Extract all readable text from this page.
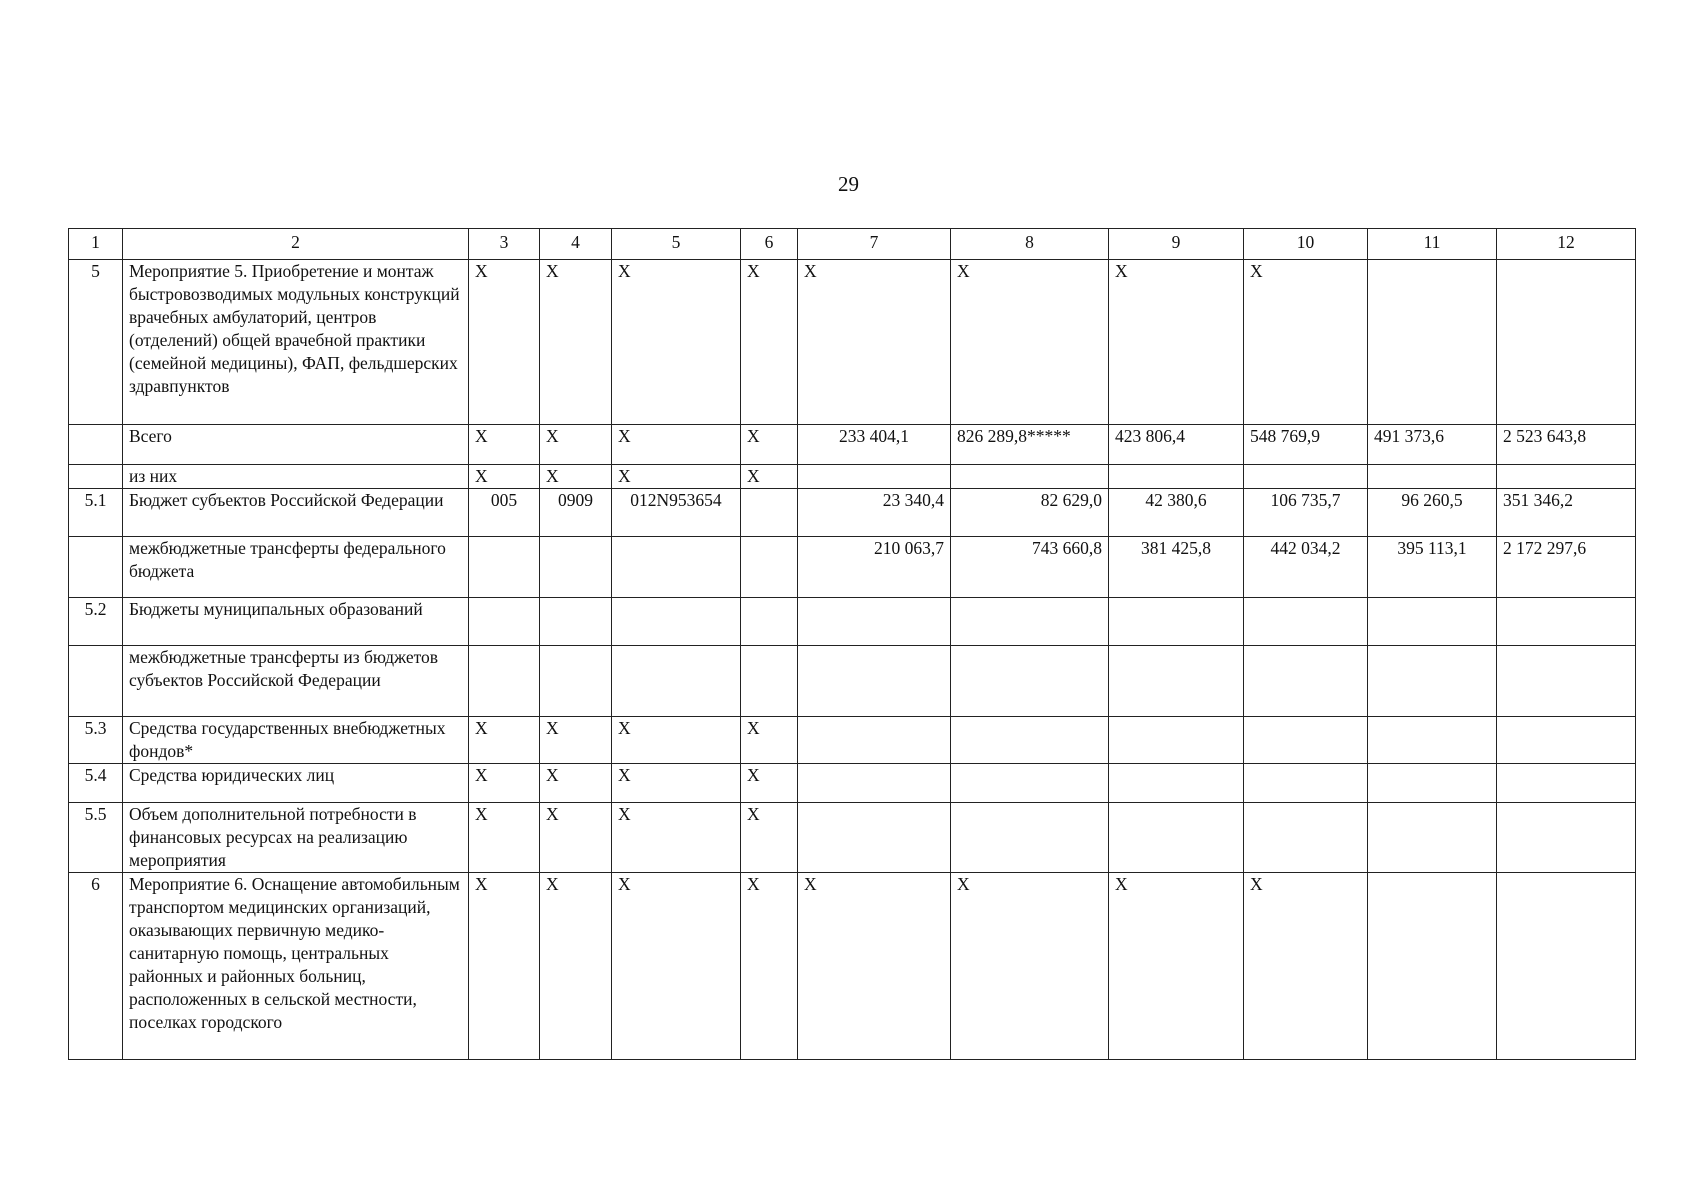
29
1	2	3	4	5	6	7	8	9	10	11	12
5	Мероприятие 5. Приобретение и монтаж быстровозводимых модульных конструкций врачебных амбулаторий, центров (отделений) общей врачебной практики (семейной медицины), ФАП, фельдшерских здравпунктов	X	X	X	X	X	X	X	X		
	Всего	X	X	X	X	233 404,1	826 289,8*****	423 806,4	548 769,9	491 373,6	2 523 643,8
	из них	X	X	X	X						
5.1	Бюджет субъектов Российской Федерации	005	0909	012N953654		23 340,4	82 629,0	42 380,6	106 735,7	96 260,5	351 346,2
	межбюджетные трансферты федерального бюджета					210 063,7	743 660,8	381 425,8	442 034,2	395 113,1	2 172 297,6
5.2	Бюджеты муниципальных образований										
	межбюджетные трансферты из бюджетов субъектов Российской Федерации										
5.3	Средства государственных внебюджетных фондов*	X	X	X	X						
5.4	Средства юридических лиц	X	X	X	X						
5.5	Объем дополнительной потребности в финансовых ресурсах на реализацию мероприятия	X	X	X	X						
6	Мероприятие 6. Оснащение автомобильным транспортом медицинских организаций, оказывающих первичную медико-санитарную помощь, центральных районных и районных больниц, расположенных в сельской местности, поселках городского	X	X	X	X	X	X	X	X		
